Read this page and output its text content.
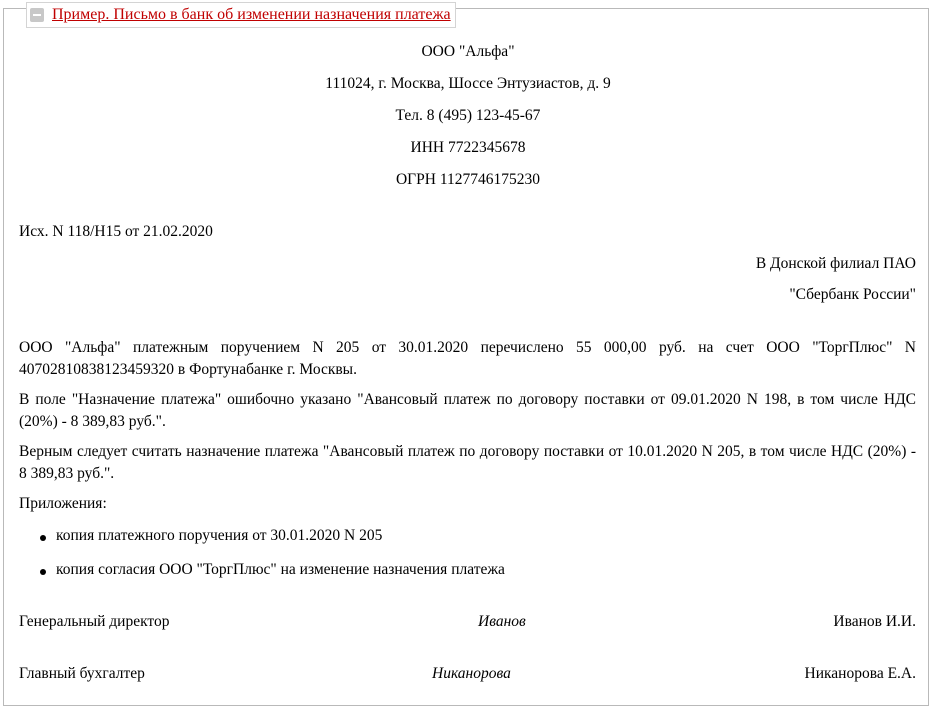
Пример. Письмо в банк об изменении назначения платежа
ООО "Альфа"
111024, г. Москва, Шоссе Энтузиастов, д. 9
Тел. 8 (495) 123-45-67
ИНН 7722345678
ОГРН 1127746175230
Исх. N 118/Н15 от 21.02.2020
В Донской филиал ПАО
"Сбербанк России"
ООО "Альфа" платежным поручением N 205 от 30.01.2020 перечислено 55 000,00 руб. на счет ООО "ТоргПлюс" N 40702810838123459320 в Фортунабанке г. Москвы.
В поле "Назначение платежа" ошибочно указано "Авансовый платеж по договору поставки от 09.01.2020 N 198, в том числе НДС (20%) - 8 389,83 руб.".
Верным следует считать назначение платежа "Авансовый платеж по договору поставки от 10.01.2020 N 205, в том числе НДС (20%) - 8 389,83 руб.".
Приложения:
копия платежного поручения от 30.01.2020 N 205
копия согласия ООО "ТоргПлюс" на изменение назначения платежа
Генеральный директор	Иванов	Иванов И.И.
Главный бухгалтер	Никанорова	Никанорова Е.А.
